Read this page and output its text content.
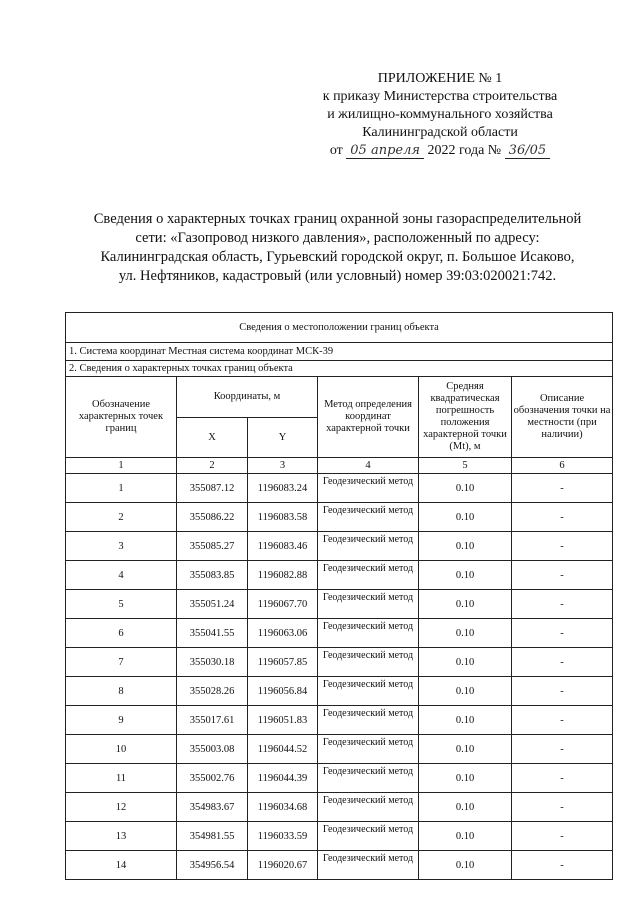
ПРИЛОЖЕНИЕ № 1
к приказу Министерства строительства
и жилищно-коммунального хозяйства
Калининградской области
от 05 апреля 2022 года № 36/05
Сведения о характерных точках границ охранной зоны газораспределительной
сети: «Газопровод низкого давления», расположенный по адресу:
Калининградская область, Гурьевский городской округ, п. Большое Исаково,
ул. Нефтяников, кадастровый (или условный) номер 39:03:020021:742.
Сведения о местоположении границ объекта					
1. Система координат Местная система координат МСК-39					
2. Сведения о характерных точках границ объекта					
Обозначение характерных точек границ	Координаты, м		Метод определения координат характерной точки	Средняя квадратическая погрешность положения характерной точки (Mt), м	Описание обозначения точки на местности (при наличии)
	X	Y			
1	2	3	4	5	6
1	355087.12	1196083.24	Геодезический метод	0.10	-
2	355086.22	1196083.58	Геодезический метод	0.10	-
3	355085.27	1196083.46	Геодезический метод	0.10	-
4	355083.85	1196082.88	Геодезический метод	0.10	-
5	355051.24	1196067.70	Геодезический метод	0.10	-
6	355041.55	1196063.06	Геодезический метод	0.10	-
7	355030.18	1196057.85	Геодезический метод	0.10	-
8	355028.26	1196056.84	Геодезический метод	0.10	-
9	355017.61	1196051.83	Геодезический метод	0.10	-
10	355003.08	1196044.52	Геодезический метод	0.10	-
11	355002.76	1196044.39	Геодезический метод	0.10	-
12	354983.67	1196034.68	Геодезический метод	0.10	-
13	354981.55	1196033.59	Геодезический метод	0.10	-
14	354956.54	1196020.67	Геодезический метод	0.10	-
